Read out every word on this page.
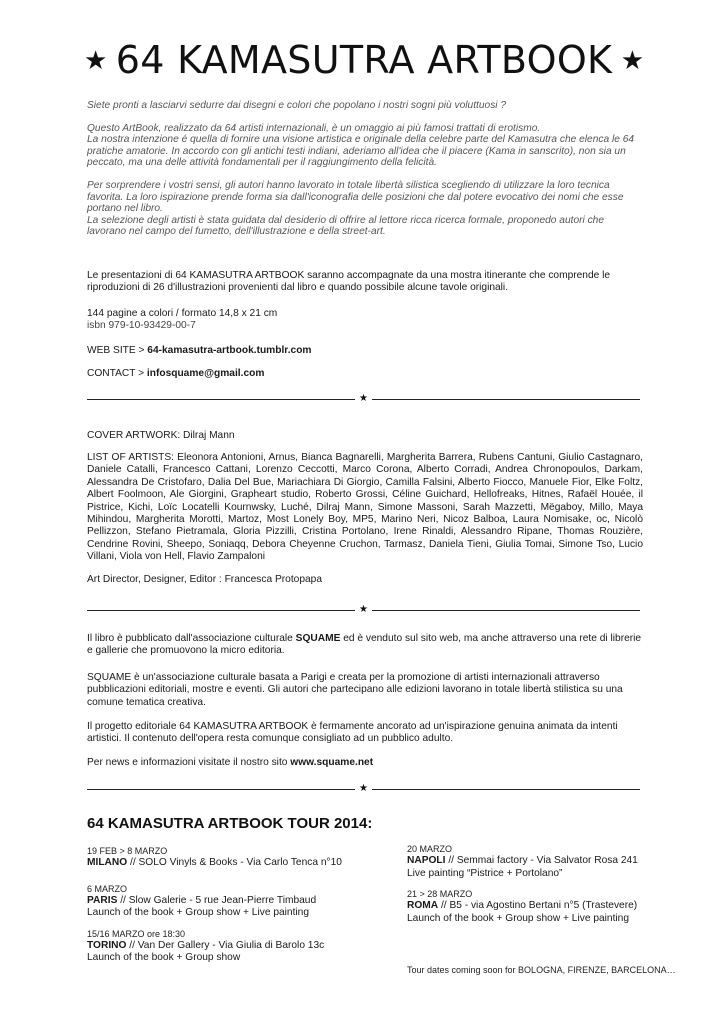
★ 64 KAMASUTRA ARTBOOK ★

Siete pronti a lasciarvi sedurre dai disegni e colori che popolano i nostri sogni più voluttuosi ?

Questo ArtBook, realizzato da 64 artisti internazionali, è un omaggio ai più famosi trattati di erotismo.
La nostra intenzione é quella di fornire una visione artistica e originale della celebre parte del Kamasutra che elenca le 64 pratiche amatorie. In accordo con gli antichi testi indiani, aderiamo all'idea che il piacere (Kama in sanscrito), non sia un peccato, ma una delle attività fondamentali per il raggiungimento della felicità.

Per sorprendere i vostri sensi, gli autori hanno lavorato in totale libertà silistica scegliendo di utilizzare la loro tecnica favorita. La loro ispirazione prende forma sia dall'iconografia delle posizioni che dal potere evocativo dei nomi che esse portano nel libro.
La selezione degli artisti è stata guidata dal desiderio di offrire al lettore ricca ricerca formale, proponedo autori che lavorano nel campo del fumetto, dell'illustrazione e della street-art.

Le presentazioni di 64 KAMASUTRA ARTBOOK saranno accompagnate da una mostra itinerante che comprende le riproduzioni di 26 d'illustrazioni provenienti dal libro e quando possibile alcune tavole originali.

144 pagine a colori / formato 14,8 x 21 cm

isbn 979-10-93429-00-7

WEB SITE > 64-kamasutra-artbook.tumblr.com
CONTACT > infosquame@gmail.com
★

COVER ARTWORK: Dilraj Mann

LIST OF ARTISTS: Eleonora Antonioni, Arnus, Bianca Bagnarelli, Margherita Barrera, Rubens Cantuni, Giulio Castagnaro, Daniele Catalli, Francesco Cattani, Lorenzo Ceccotti, Marco Corona, Alberto Corradi, Andrea Chronopoulos, Darkam, Alessandra De Cristofaro, Dalia Del Bue, Mariachiara Di Giorgio, Camilla Falsini, Alberto Fiocco, Manuele Fior, Elke Foltz, Albert Foolmoon, Ale Giorgini, Grapheart studio, Roberto Grossi, Céline Guichard, Hellofreaks, Hitnes, Rafaël Houée, il Pistrice, Kichi, Loïc Locatelli Kournwsky, Luché, Dilraj Mann, Simone Massoni, Sarah Mazzetti, Mëgaboy, Millo, Maya Mihindou, Margherita Morotti, Martoz, Most Lonely Boy, MP5, Marino Neri, Nicoz Balboa, Laura Nomisake, oc, Nicolò Pellizzon, Stefano Pietramala, Gloria Pizzilli, Cristina Portolano, Irene Rinaldi, Alessandro Ripane, Thomas Rouzière, Cendrine Rovini, Sheepo, Soniaqq, Debora Cheyenne Cruchon, Tarmasz, Daniela Tieni, Giulia Tomai, Simone Tso, Lucio Villani, Viola von Hell, Flavio Zampaloni

Art Director, Designer, Editor : Francesca Protopapa

★

Il libro è pubblicato dall'associazione culturale SQUAME ed è venduto sul sito web, ma anche attraverso una rete di librerie e gallerie che promuovono la micro editoria.

SQUAME è un'associazione culturale basata a Parigi e creata per la promozione di artisti internazionali attraverso pubblicazioni editoriali, mostre e eventi. Gli autori che partecipano alle edizioni lavorano in totale libertà stilistica su una comune tematica creativa.

Il progetto editoriale 64 KAMASUTRA ARTBOOK è fermamente ancorato ad un'ispirazione genuina animata da intenti artistici. Il contenuto dell'opera resta comunque consigliato ad un pubblico adulto.

Per news e informazioni visitate il nostro sito www.squame.net
★
64 KAMASUTRA ARTBOOK TOUR 2014:
19 FEB > 8 MARZO
MILANO // SOLO Vinyls & Books - Via Carlo Tenca n°10
6 MARZO
PARIS // Slow Galerie - 5 rue Jean-Pierre Timbaud
Launch of the book + Group show + Live painting
15/16 MARZO ore 18:30
TORINO // Van Der Gallery - Via Giulia di Barolo 13c
Launch of the book + Group show
20 MARZO
NAPOLI // Semmai factory - Via Salvator Rosa 241
Live painting “Pistrice + Portolano”
21 > 28 MARZO
ROMA // B5 - via Agostino Bertani n°5 (Trastevere)
Launch of the book + Group show + Live painting
Tour dates coming soon for BOLOGNA, FIRENZE, BARCELONA…
